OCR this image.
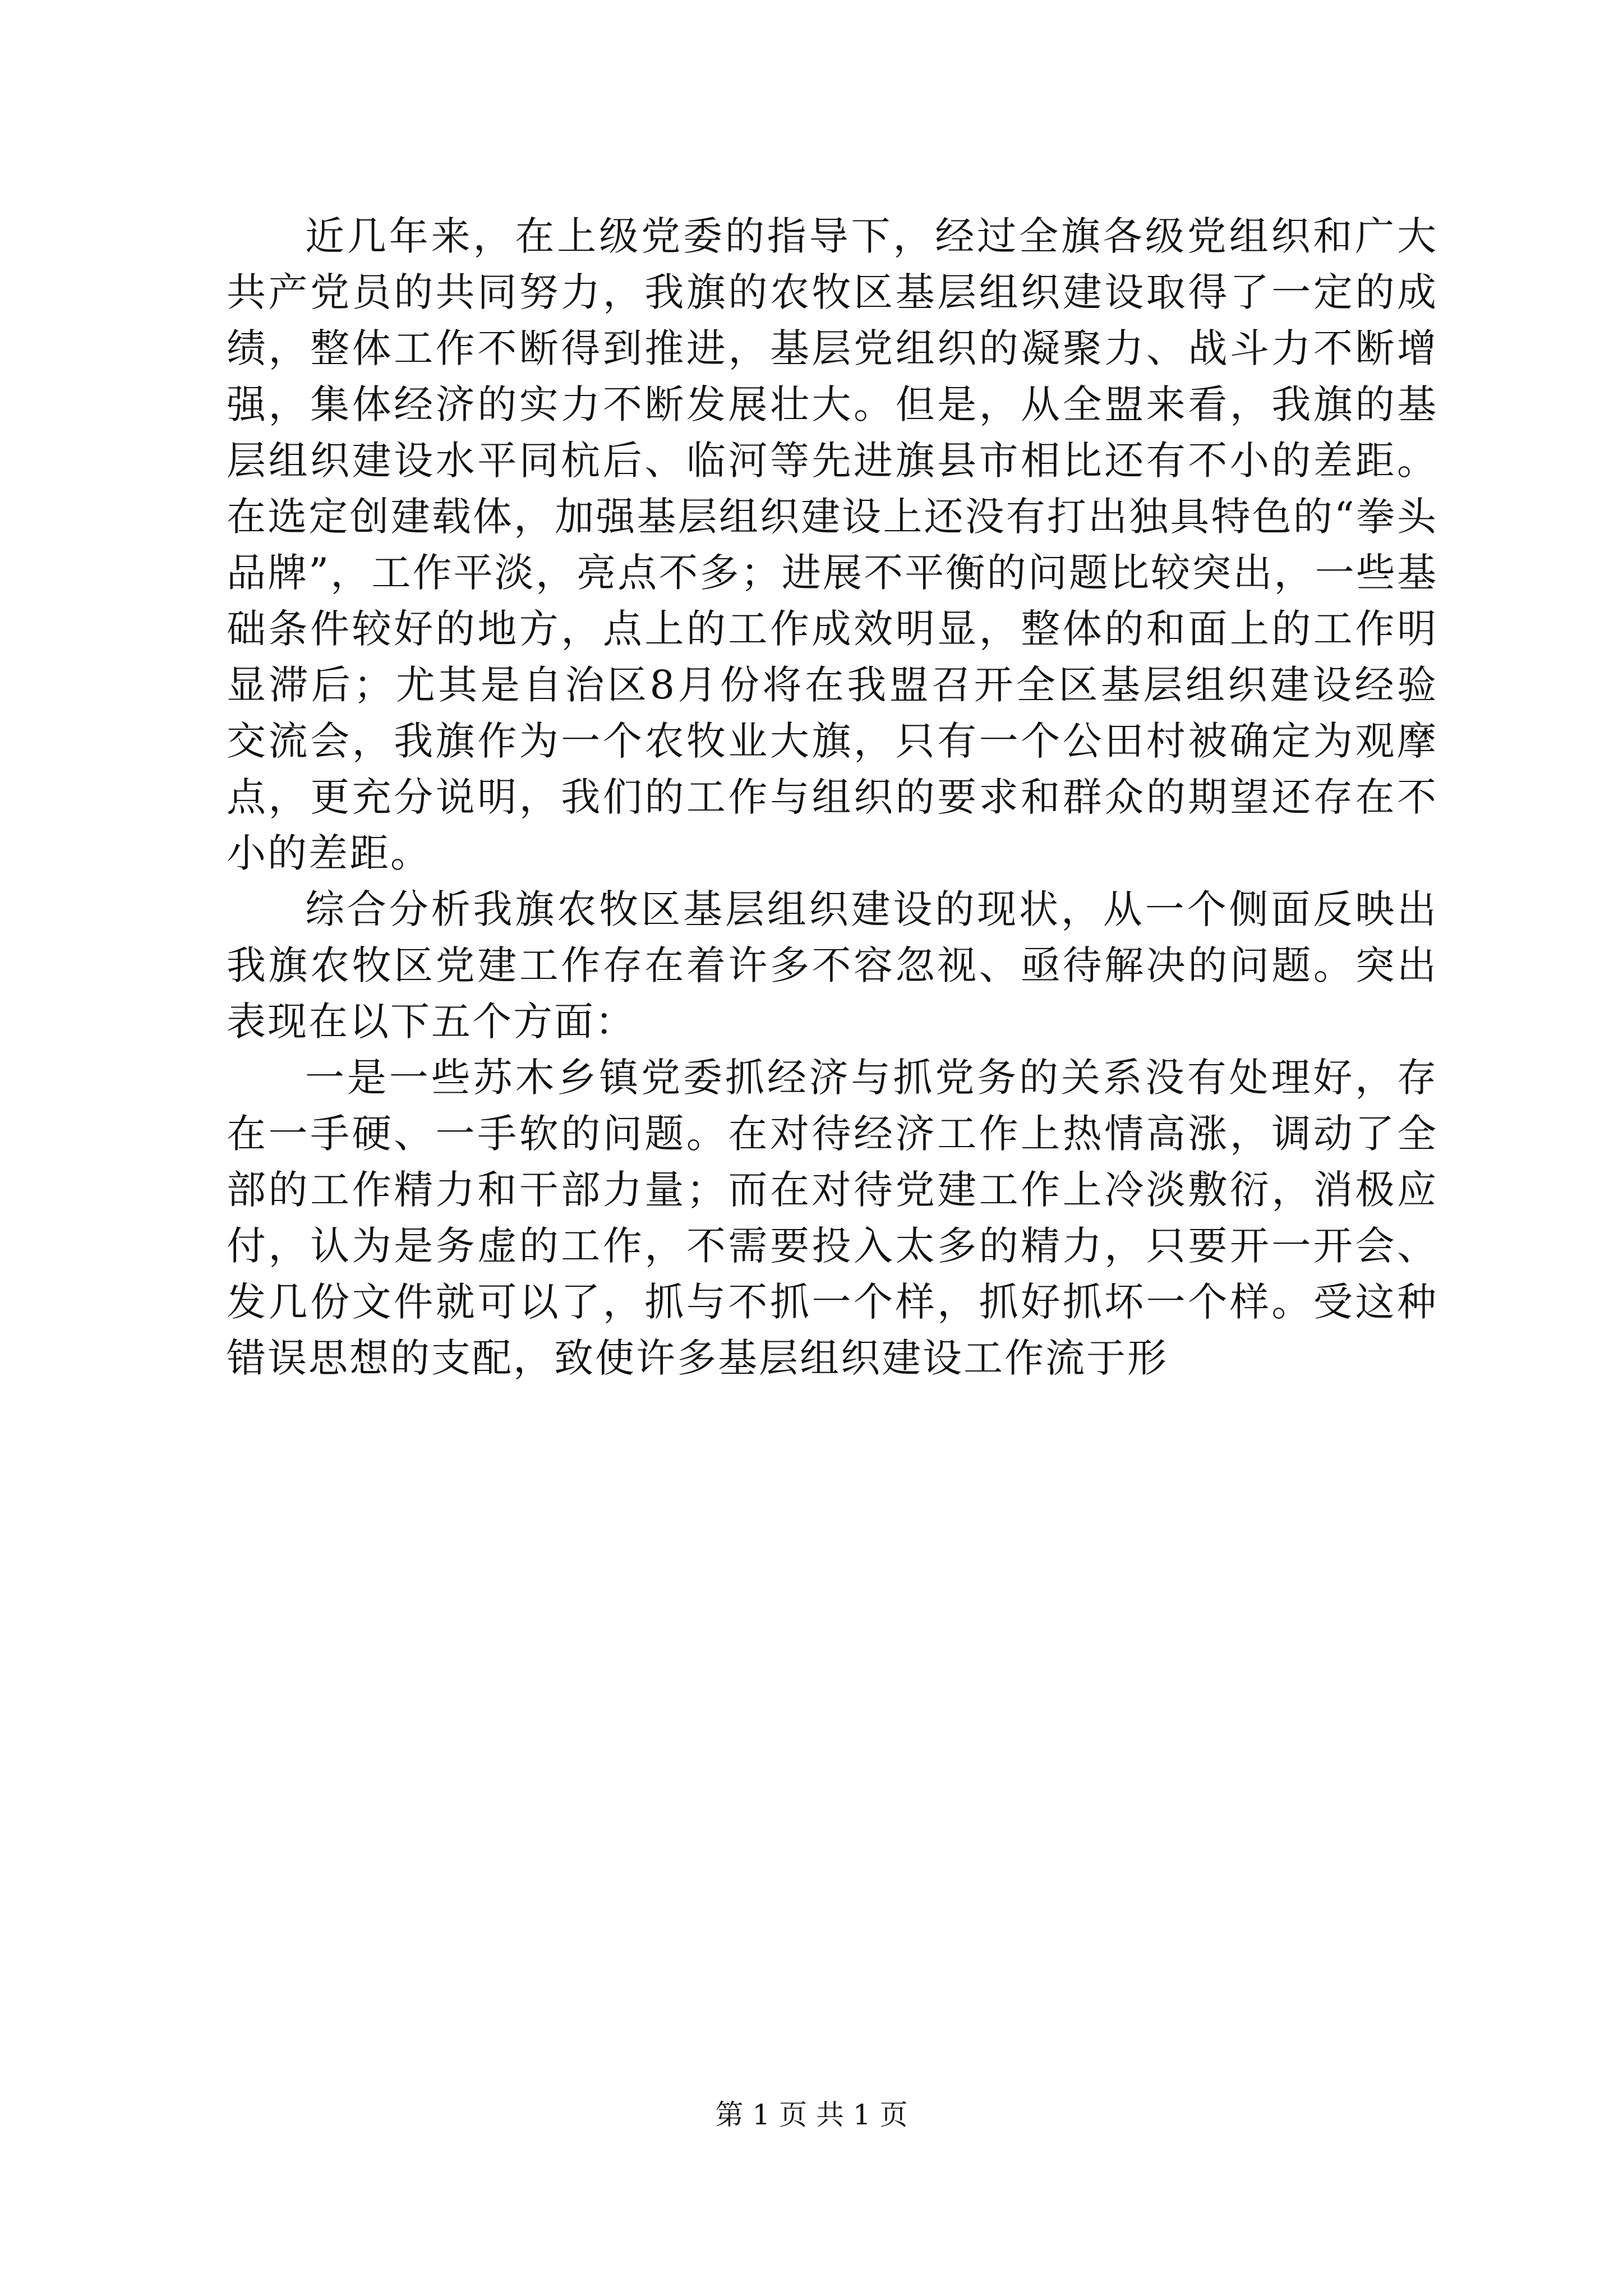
近几年来，在上级党委的指导下，经过全旗各级党组织和广大共产党员的共同努力，我旗的农牧区基层组织建设取得了一定的成绩，整体工作不断得到推进，基层党组织的凝聚力、战斗力不断增强，集体经济的实力不断发展壮大。但是，从全盟来看，我旗的基层组织建设水平同杭后、临河等先进旗县市相比还有不小的差距。在选定创建载体，加强基层组织建设上还没有打出独具特色的“拳头品牌”，工作平淡，亮点不多；进展不平衡的问题比较突出，一些基础条件较好的地方，点上的工作成效明显，整体的和面上的工作明显滞后；尤其是自治区8月份将在我盟召开全区基层组织建设经验交流会，我旗作为一个农牧业大旗，只有一个公田村被确定为观摩点，更充分说明，我们的工作与组织的要求和群众的期望还存在不小的差距。

综合分析我旗农牧区基层组织建设的现状，从一个侧面反映出我旗农牧区党建工作存在着许多不容忽视、亟待解决的问题。突出表现在以下五个方面：

一是一些苏木乡镇党委抓经济与抓党务的关系没有处理好，存在一手硬、一手软的问题。在对待经济工作上热情高涨，调动了全部的工作精力和干部力量；而在对待党建工作上冷淡敷衍，消极应付，认为是务虚的工作，不需要投入太多的精力，只要开一开会、发几份文件就可以了，抓与不抓一个样，抓好抓坏一个样。受这种错误思想的支配，致使许多基层组织建设工作流于形

第 1 页 共 1 页
